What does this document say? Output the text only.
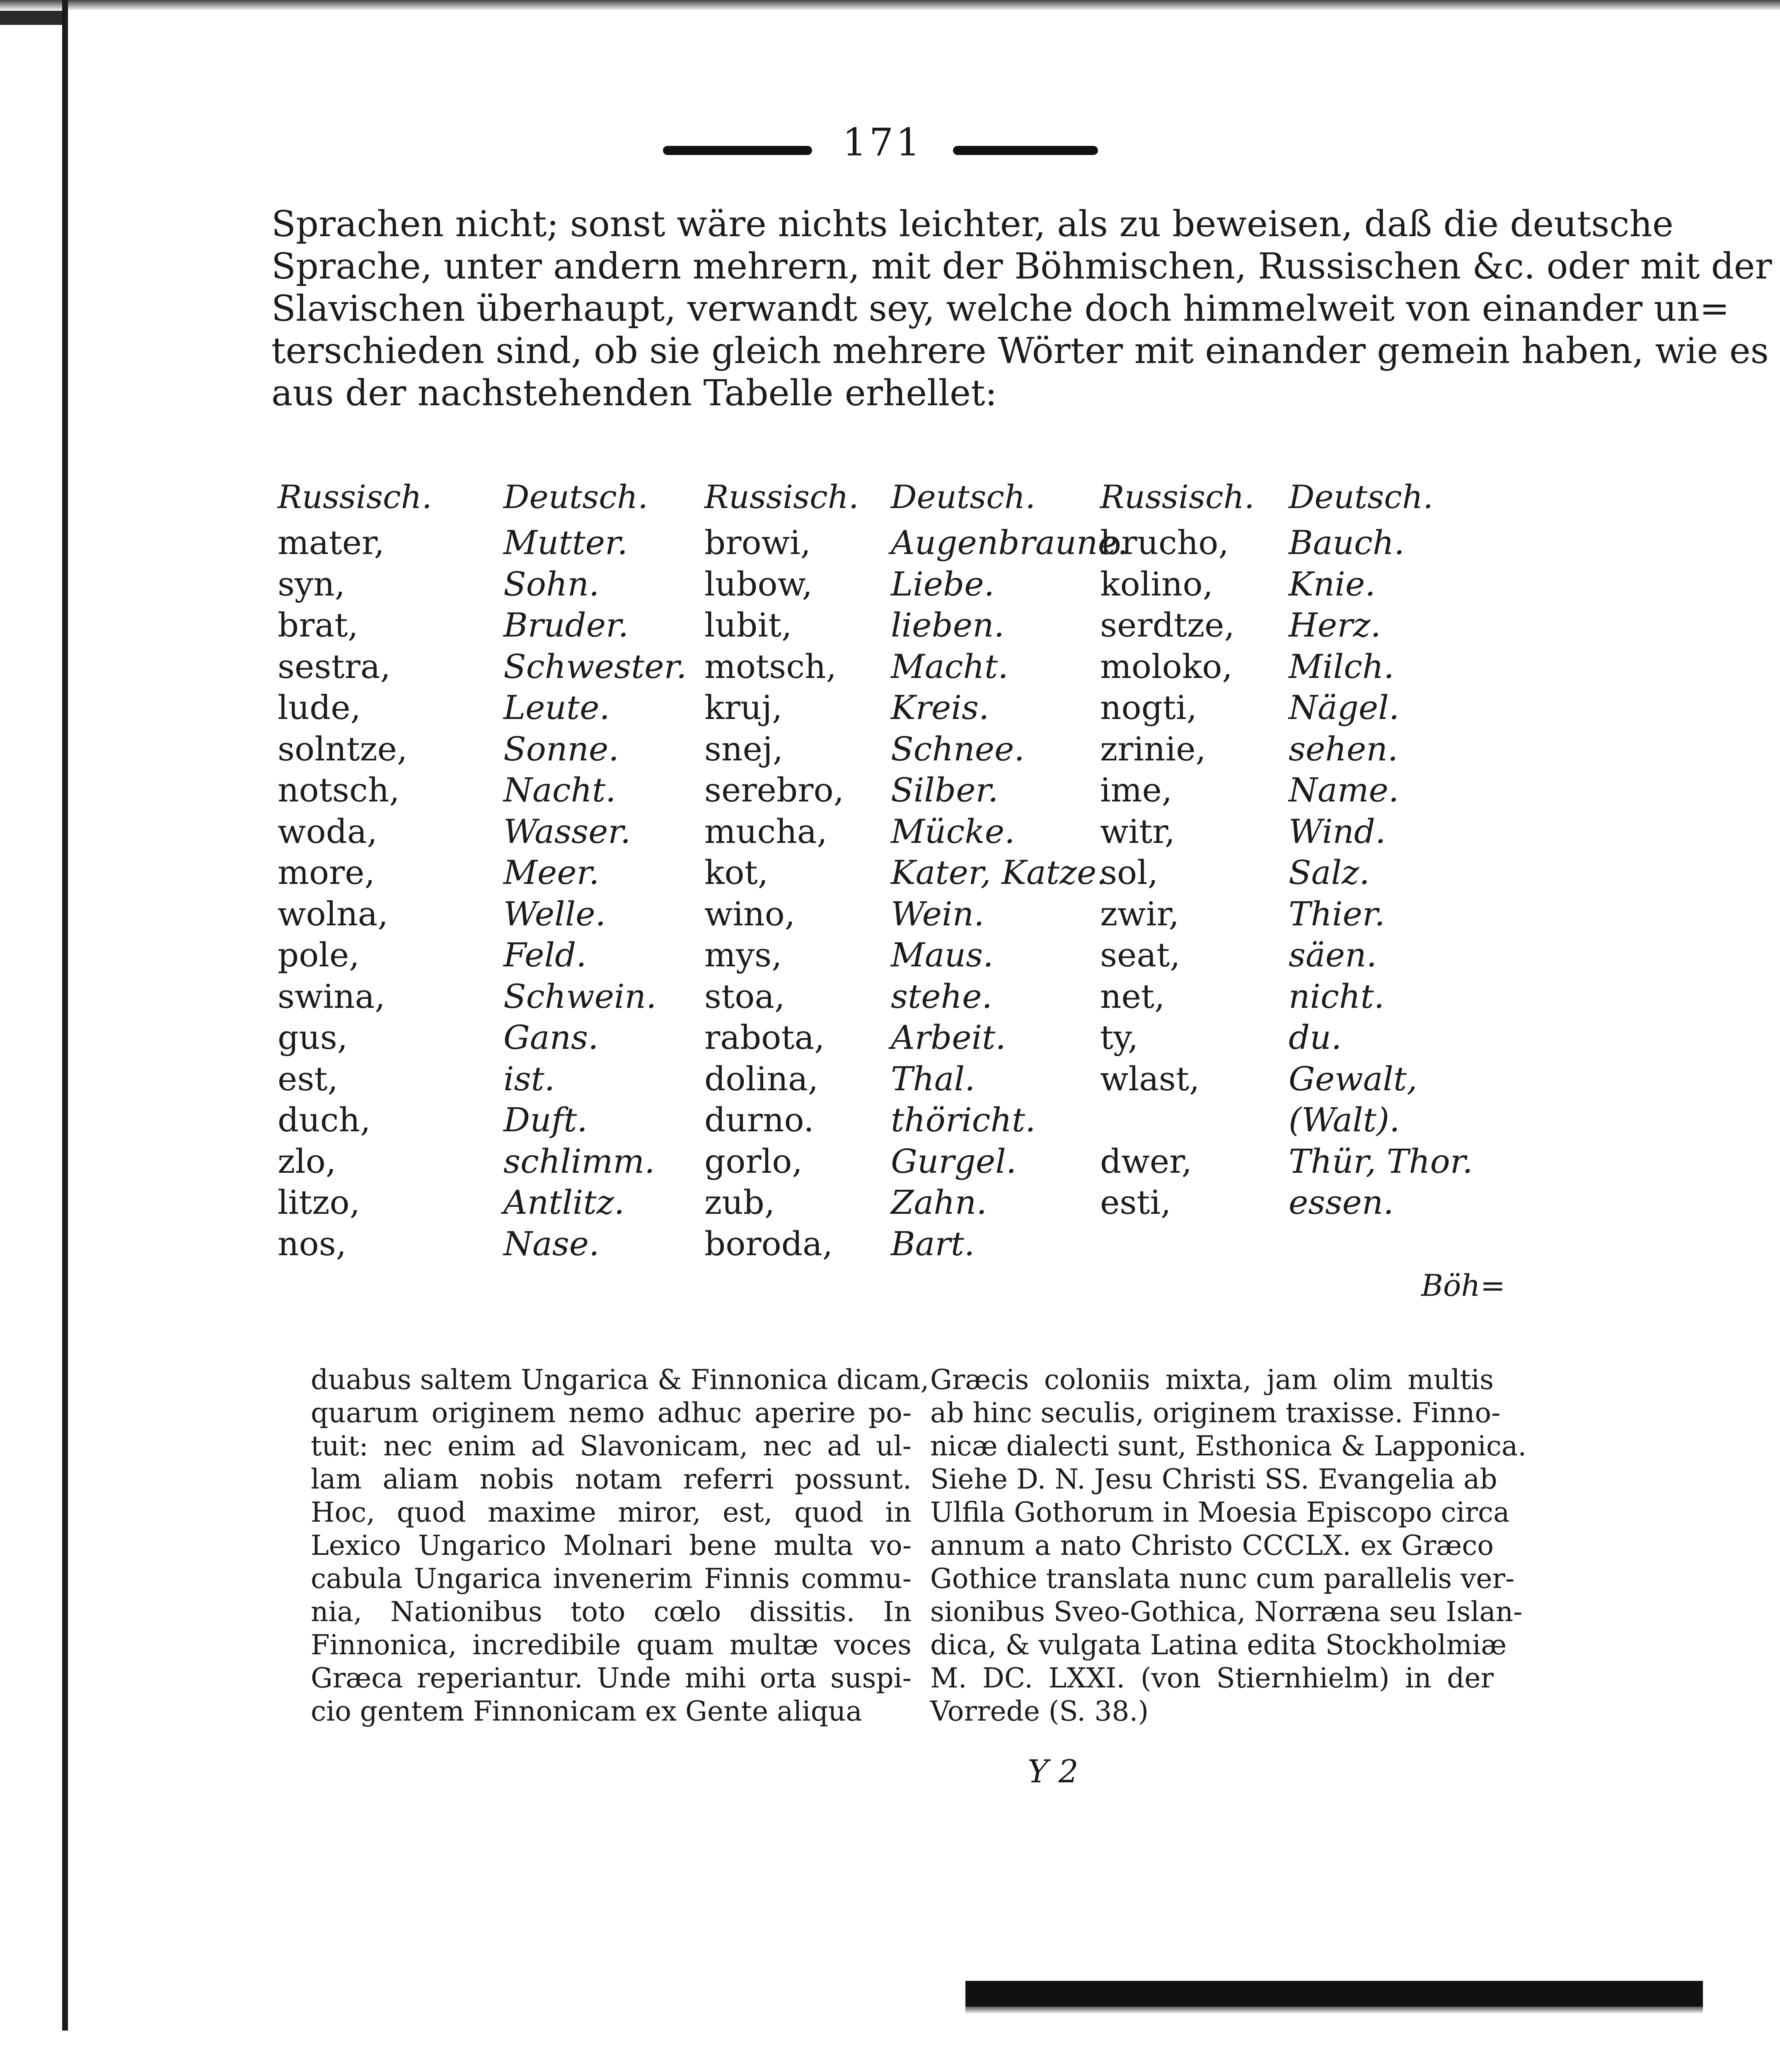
171
Sprachen nicht; sonst wäre nichts leichter, als zu beweisen, daß die deutsche
Sprache, unter andern mehrern, mit der Böhmischen, Russischen &c. oder mit der
Slavischen überhaupt, verwandt sey, welche doch himmelweit von einander un=
terschieden sind, ob sie gleich mehrere Wörter mit einander gemein haben, wie es
aus der nachstehenden Tabelle erhellet:
Russisch.
mater,
syn,
brat,
sestra,
lude,
solntze,
notsch,
woda,
more,
wolna,
pole,
swina,
gus,
est,
duch,
zlo,
litzo,
nos,
Deutsch.
Mutter.
Sohn.
Bruder.
Schwester.
Leute.
Sonne.
Nacht.
Wasser.
Meer.
Welle.
Feld.
Schwein.
Gans.
ist.
Duft.
schlimm.
Antlitz.
Nase.
Russisch.
browi,
lubow,
lubit,
motsch,
kruj,
snej,
serebro,
mucha,
kot,
wino,
mys,
stoa,
rabota,
dolina,
durno.
gorlo,
zub,
boroda,
Deutsch.
Augenbraune.
Liebe.
lieben.
Macht.
Kreis.
Schnee.
Silber.
Mücke.
Kater, Katze.
Wein.
Maus.
stehe.
Arbeit.
Thal.
thöricht.
Gurgel.
Zahn.
Bart.
Russisch.
brucho,
kolino,
serdtze,
moloko,
nogti,
zrinie,
ime,
witr,
sol,
zwir,
seat,
net,
ty,
wlast,

dwer,
esti,

Deutsch.
Bauch.
Knie.
Herz.
Milch.
Nägel.
sehen.
Name.
Wind.
Salz.
Thier.
säen.
nicht.
du.
Gewalt,
(Walt).
Thür, Thor.
essen.

Böh=
duabus saltem Ungarica & Finnonica dicam,
quarum originem nemo adhuc aperire po-
tuit: nec enim ad Slavonicam, nec ad ul-
lam aliam nobis notam referri possunt.
Hoc, quod maxime miror, est, quod in
Lexico Ungarico Molnari bene multa vo-
cabula Ungarica invenerim Finnis commu-
nia, Nationibus toto cœlo dissitis. In
Finnonica, incredibile quam multæ voces
Græca reperiantur. Unde mihi orta suspi-
cio gentem Finnonicam ex Gente aliqua
Græcis coloniis mixta, jam olim multis
ab hinc seculis, originem traxisse. Finno-
nicæ dialecti sunt, Esthonica & Lapponica.
Siehe D. N. Jesu Christi SS. Evangelia ab
Ulfila Gothorum in Moesia Episcopo circa
annum a nato Christo CCCLX. ex Græco
Gothice translata nunc cum parallelis ver-
sionibus Sveo-Gothica, Norræna seu Islan-
dica, & vulgata Latina edita Stockholmiæ
M. DC. LXXI. (von Stiernhielm) in der
Vorrede (S. 38.)
Y 2
